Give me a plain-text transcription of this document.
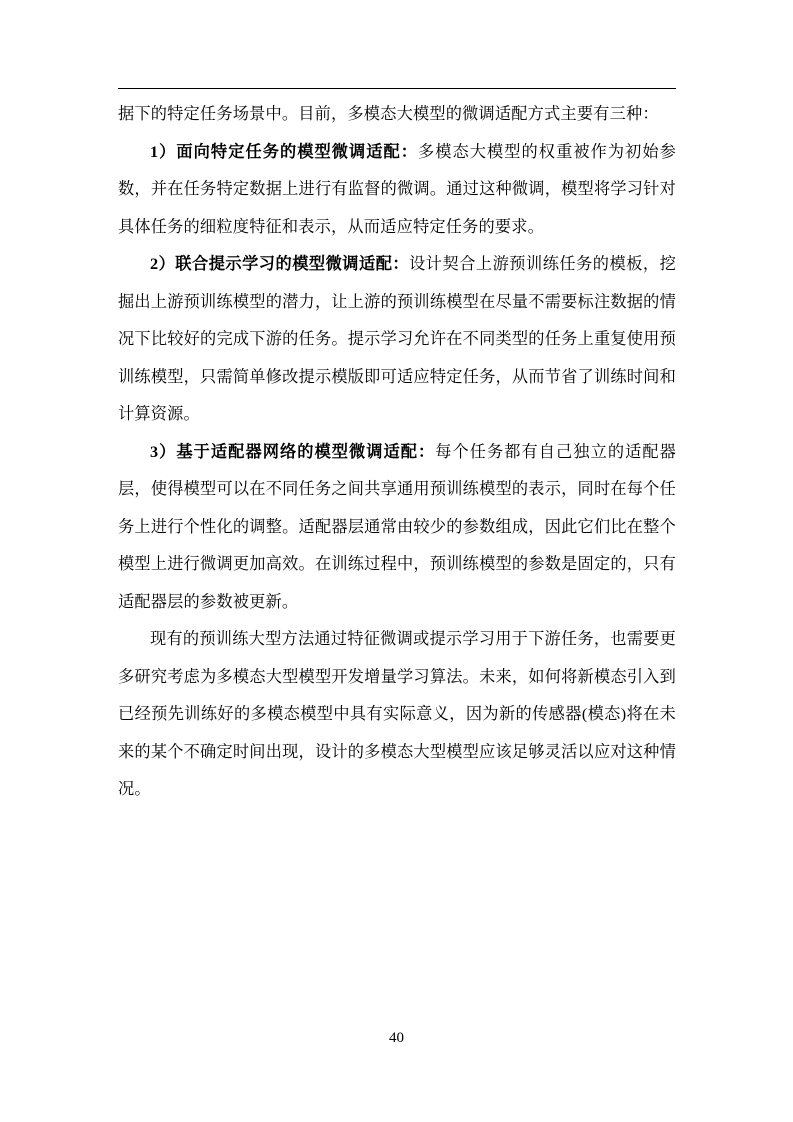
据下的特定任务场景中。目前，多模态大模型的微调适配方式主要有三种：

1）面向特定任务的模型微调适配：多模态大模型的权重被作为初始参数，并在任务特定数据上进行有监督的微调。通过这种微调，模型将学习针对具体任务的细粒度特征和表示，从而适应特定任务的要求。

2）联合提示学习的模型微调适配：设计契合上游预训练任务的模板，挖掘出上游预训练模型的潜力，让上游的预训练模型在尽量不需要标注数据的情况下比较好的完成下游的任务。提示学习允许在不同类型的任务上重复使用预训练模型，只需简单修改提示模版即可适应特定任务，从而节省了训练时间和计算资源。

3）基于适配器网络的模型微调适配：每个任务都有自己独立的适配器层，使得模型可以在不同任务之间共享通用预训练模型的表示，同时在每个任务上进行个性化的调整。适配器层通常由较少的参数组成，因此它们比在整个模型上进行微调更加高效。在训练过程中，预训练模型的参数是固定的，只有适配器层的参数被更新。

现有的预训练大型方法通过特征微调或提示学习用于下游任务，也需要更多研究考虑为多模态大型模型开发增量学习算法。未来，如何将新模态引入到已经预先训练好的多模态模型中具有实际意义，因为新的传感器(模态)将在未来的某个不确定时间出现，设计的多模态大型模型应该足够灵活以应对这种情况。

40
